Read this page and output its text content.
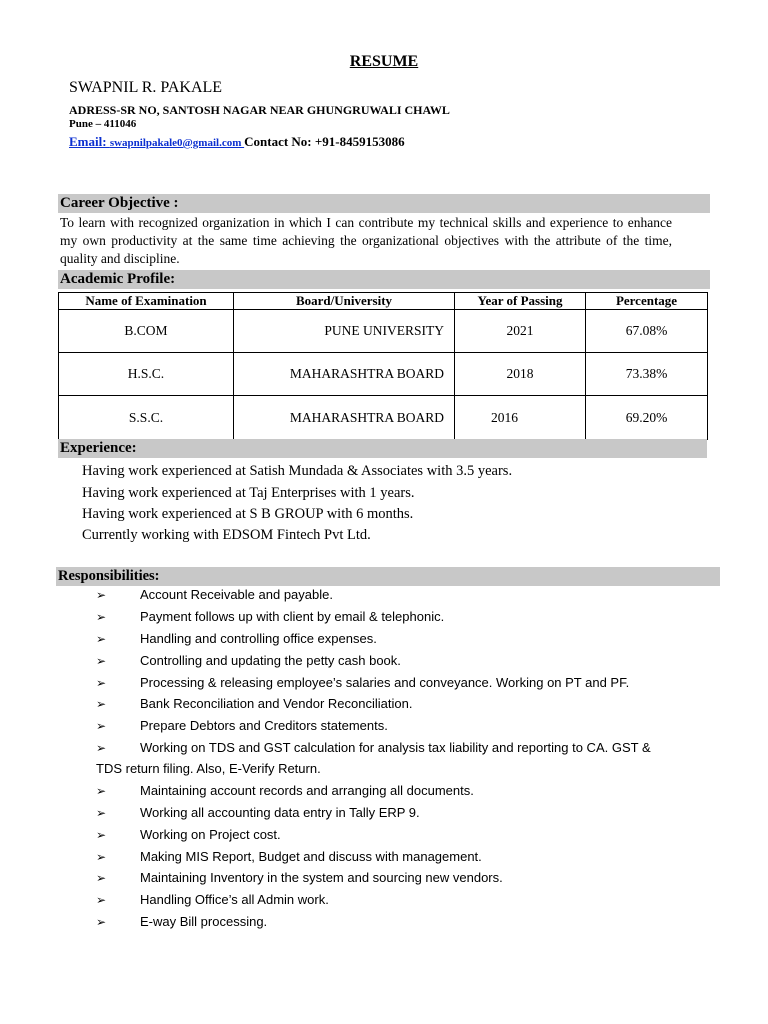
RESUME
SWAPNIL R. PAKALE
ADRESS-SR NO, SANTOSH NAGAR NEAR GHUNGRUWALI CHAWL
Pune – 411046
Email: swapnilpakale0@gmail.com Contact No: +91-8459153086
Career Objective :
To learn with recognized organization in which I can contribute my technical skills and experience to enhance my own productivity at the same time achieving the organizational objectives with the attribute of the time, quality and discipline.
Academic Profile:
Name of Examination	Board/University	Year of Passing	Percentage
B.COM	PUNE UNIVERSITY	2021	67.08%
H.S.C.	MAHARASHTRA BOARD	2018	73.38%
S.S.C.	MAHARASHTRA BOARD	2016	69.20%
Experience:
Having work experienced at Satish Mundada & Associates with 3.5 years.
Having work experienced at Taj Enterprises with 1 years.
Having work experienced at S B GROUP with 6 months.
Currently working with EDSOM Fintech Pvt Ltd.
Responsibilities:
➢	Account Receivable and payable.
➢	Payment follows up with client by email & telephonic.
➢	Handling and controlling office expenses.
➢	Controlling and updating the petty cash book.
➢	Processing & releasing employee’s salaries and conveyance. Working on PT and PF.
➢	Bank Reconciliation and Vendor Reconciliation.
➢	Prepare Debtors and Creditors statements.
➢	Working on TDS and GST calculation for analysis tax liability and reporting to CA. GST &
TDS return filing. Also, E-Verify Return.
➢	Maintaining account records and arranging all documents.
➢	Working all accounting data entry in Tally ERP 9.
➢	Working on Project cost.
➢	Making MIS Report, Budget and discuss with management.
➢	Maintaining Inventory in the system and sourcing new vendors.
➢	Handling Office’s all Admin work.
➢	E-way Bill processing.
